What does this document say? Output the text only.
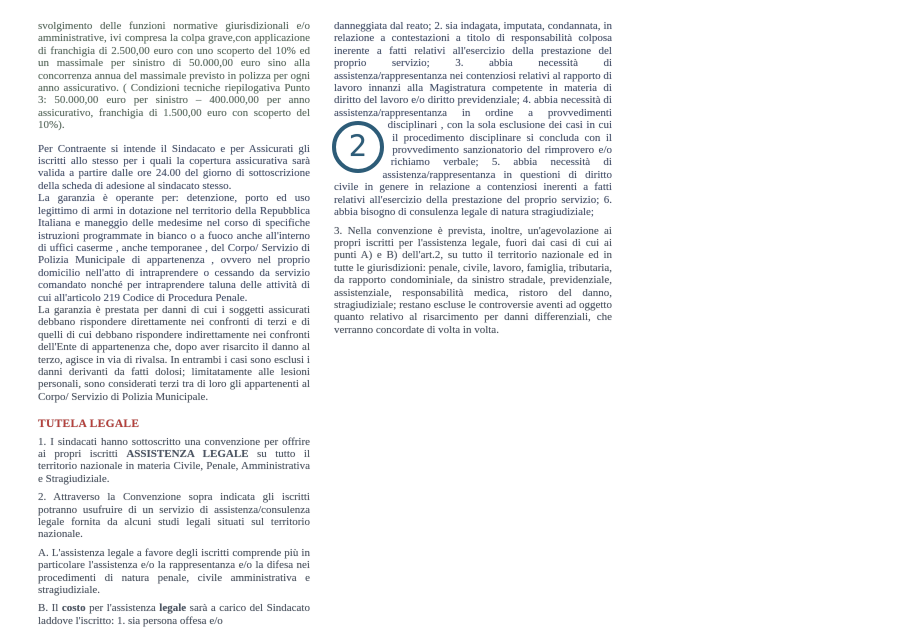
svolgimento delle funzioni normative giurisdizionali e/o amministrative, ivi compresa la colpa grave,con applicazione di franchigia di 2.500,00 euro con uno scoperto del 10% ed un massimale per sinistro di 50.000,00 euro sino alla concorrenza annua del massimale previsto in polizza per ogni anno assicurativo. ( Condizioni tecniche riepilogativa Punto 3: 50.000,00 euro per sinistro – 400.000,00 per anno assicurativo, franchigia di 1.500,00 euro con scoperto del 10%).

Per Contraente si intende il Sindacato e per Assicurati gli iscritti allo stesso per i quali la copertura assicurativa sarà valida a partire dalle ore 24.00 del giorno di sottoscrizione della scheda di adesione al sindacato stesso.

La garanzia è operante per: detenzione, porto ed uso legittimo di armi in dotazione nel territorio della Repubblica Italiana e maneggio delle medesime nel corso di specifiche istruzioni programmate in bianco o a fuoco anche all'interno di uffici caserme , anche temporanee , del Corpo/ Servizio di Polizia Municipale di appartenenza , ovvero nel proprio domicilio nell'atto di intraprendere o cessando da servizio comandato nonché per intraprendere taluna delle attività di cui all'articolo 219 Codice di Procedura Penale.

La garanzia è prestata per danni di cui i soggetti assicurati debbano rispondere direttamente nei confronti di terzi e di quelli di cui debbano rispondere indirettamente nei confronti dell'Ente di appartenenza che, dopo aver risarcito il danno al terzo, agisce in via di rivalsa. In entrambi i casi sono esclusi i danni derivanti da fatti dolosi; limitatamente alle lesioni personali, sono considerati terzi tra di loro gli appartenenti al Corpo/ Servizio di Polizia Municipale.

TUTELA LEGALE

1. I sindacati hanno sottoscritto una convenzione per offrire ai propri iscritti ASSISTENZA LEGALE su tutto il territorio nazionale in materia Civile, Penale, Amministrativa e Stragiudiziale.

2. Attraverso la Convenzione sopra indicata gli iscritti potranno usufruire di un servizio di assistenza/consulenza legale fornita da alcuni studi legali situati sul territorio nazionale.

A. L'assistenza legale a favore degli iscritti comprende più in particolare l'assistenza e/o la rappresentanza e/o la difesa nei procedimenti di natura penale, civile amministrativa e stragiudiziale.

B. Il costo per l'assistenza legale sarà a carico del Sindacato laddove l'iscritto: 1. sia persona offesa e/o

danneggiata dal reato; 2. sia indagata, imputata, condannata, in relazione a contestazioni a titolo di responsabilità colposa inerente a fatti relativi all'esercizio della prestazione del proprio servizio; 3. abbia necessità di assistenza/rappresentanza nei contenziosi relativi al rapporto di lavoro innanzi alla Magistratura competente in materia di diritto del lavoro e/o diritto previdenziale; 4. abbia necessità di assistenza/rappresentanza in ordine a provvedimenti
2
disciplinari , con la sola esclusione dei casi in cui il procedimento disciplinare si concluda con il provvedimento sanzionatorio del rimprovero e/o richiamo verbale; 5. abbia necessità di assistenza/rappresentanza in questioni di diritto civile in genere in relazione a contenziosi inerenti a fatti relativi all'esercizio della prestazione del proprio servizio; 6. abbia bisogno di consulenza legale di natura stragiudiziale;

3. Nella convenzione è prevista, inoltre, un'agevolazione ai propri iscritti per l'assistenza legale, fuori dai casi di cui ai punti A) e B) dell'art.2, su tutto il territorio nazionale ed in tutte le giurisdizioni: penale, civile, lavoro, famiglia, tributaria, da rapporto condominiale, da sinistro stradale, previdenziale, assistenziale, responsabilità medica, ristoro del danno, stragiudiziale; restano escluse le controversie aventi ad oggetto quanto relativo al risarcimento per danni differenziali, che verranno concordate di volta in volta.
